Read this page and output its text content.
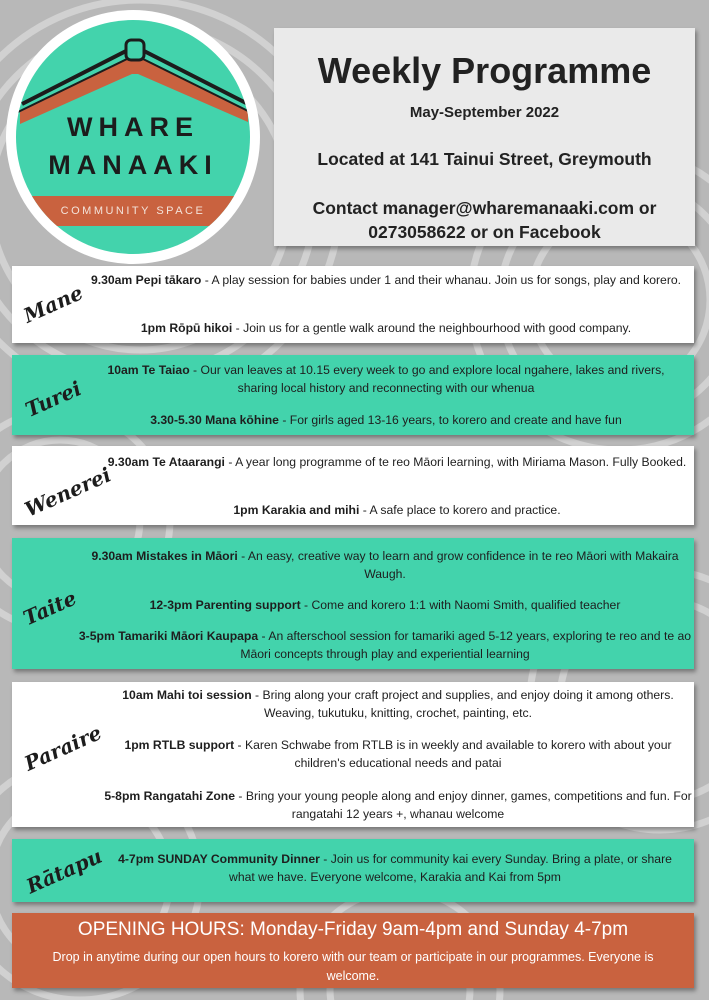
WHARE
MANAAKI
COMMUNITY SPACE
Weekly Programme
May-September 2022
Located at 141 Tainui Street, Greymouth
Contact manager@wharemanaaki.com or 0273058622 or on Facebook
Mane
9.30am Pepi tākaro - A play session for babies under 1 and their whanau. Join us for songs, play and korero.
1pm Rōpū hikoi - Join us for a gentle walk around the neighbourhood with good company.
Turei
10am Te Taiao - Our van leaves at 10.15 every week to go and explore local ngahere, lakes and rivers, sharing local history and reconnecting with our whenua
3.30-5.30 Mana kōhine - For girls aged 13-16 years, to korero and create and have fun
Wenerei
9.30am Te Ataarangi - A year long programme of te reo Māori learning, with Miriama Mason. Fully Booked.
1pm Karakia and mihi - A safe place to korero and practice.
Taite
9.30am Mistakes in Māori - An easy, creative way to learn and grow confidence in te reo Māori with Makaira Waugh.
12-3pm Parenting support - Come and korero 1:1 with Naomi Smith, qualified teacher
3-5pm Tamariki Māori Kaupapa - An afterschool session for tamariki aged 5-12 years, exploring te reo and te ao Māori concepts through play and experiential learning
Paraire
10am Mahi toi session - Bring along your craft project and supplies, and enjoy doing it among others. Weaving, tukutuku, knitting, crochet, painting, etc.
1pm RTLB support - Karen Schwabe from RTLB is in weekly and available to korero with about your children's educational needs and patai
5-8pm Rangatahi Zone - Bring your young people along and enjoy dinner, games, competitions and fun. For rangatahi 12 years +, whanau welcome
Rātapu	4-7pm SUNDAY Community Dinner - Join us for community kai every Sunday. Bring a plate, or share what we have. Everyone welcome, Karakia and Kai from 5pm
OPENING HOURS: Monday-Friday 9am-4pm and Sunday 4-7pm
Drop in anytime during our open hours to korero with our team or participate in our programmes. Everyone is welcome.
